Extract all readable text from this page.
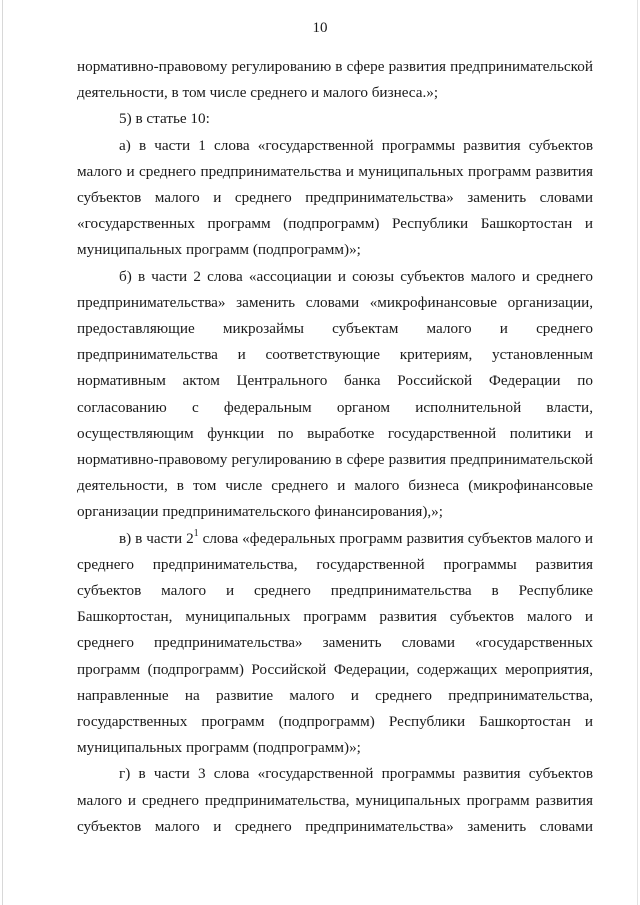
10

нормативно-правовому регулированию в сфере развития предпринимательской деятельности, в том числе среднего и малого бизнеса.»;

5) в статье 10:

а) в части 1 слова «государственной программы развития субъектов малого и среднего предпринимательства и муниципальных программ развития субъектов малого и среднего предпринимательства» заменить словами «государственных программ (подпрограмм) Республики Башкортостан и муниципальных программ (подпрограмм)»;

б) в части 2 слова «ассоциации и союзы субъектов малого и среднего предпринимательства» заменить словами «микрофинансовые организации, предоставляющие микрозаймы субъектам малого и среднего предпринимательства и соответствующие критериям, установленным нормативным актом Центрального банка Российской Федерации по согласованию с федеральным органом исполнительной власти, осуществляющим функции по выработке государственной политики и нормативно-правовому регулированию в сфере развития предпринимательской деятельности, в том числе среднего и малого бизнеса (микрофинансовые организации предпринимательского финансирования),»;

в) в части $2^1$ слова «федеральных программ развития субъектов малого и среднего предпринимательства, государственной программы развития субъектов малого и среднего предпринимательства в Республике Башкортостан, муниципальных программ развития субъектов малого и среднего предпринимательства» заменить словами «государственных программ (подпрограмм) Российской Федерации, содержащих мероприятия, направленные на развитие малого и среднего предпринимательства, государственных программ (подпрограмм) Республики Башкортостан и муниципальных программ (подпрограмм)»;

г) в части 3 слова «государственной программы развития субъектов малого и среднего предпринимательства, муниципальных программ развития субъектов малого и среднего предпринимательства» заменить словами
